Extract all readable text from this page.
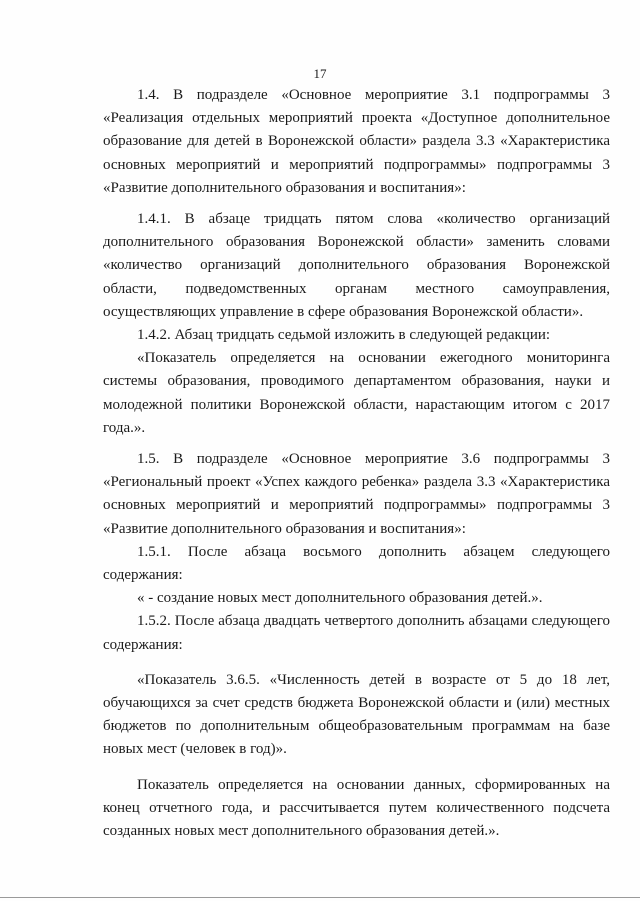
17

1.4. В подразделе «Основное мероприятие 3.1 подпрограммы 3 «Реализация отдельных мероприятий проекта «Доступное дополнительное образование для детей в Воронежской области» раздела 3.3 «Характеристика основных мероприятий и мероприятий подпрограммы» подпрограммы 3 «Развитие дополнительного образования и воспитания»:

1.4.1. В абзаце тридцать пятом слова «количество организаций дополнительного образования Воронежской области» заменить словами «количество организаций дополнительного образования Воронежской области, подведомственных органам местного самоуправления, осуществляющих управление в сфере образования Воронежской области».

1.4.2. Абзац тридцать седьмой изложить в следующей редакции:

«Показатель определяется на основании ежегодного мониторинга системы образования, проводимого департаментом образования, науки и молодежной политики Воронежской области, нарастающим итогом с 2017 года.».

1.5. В подразделе «Основное мероприятие 3.6 подпрограммы 3 «Региональный проект «Успех каждого ребенка» раздела 3.3 «Характеристика основных мероприятий и мероприятий подпрограммы» подпрограммы 3 «Развитие дополнительного образования и воспитания»:

1.5.1. После абзаца восьмого дополнить абзацем следующего содержания:

« - создание новых мест дополнительного образования детей.».

1.5.2. После абзаца двадцать четвертого дополнить абзацами следующего содержания:

«Показатель 3.6.5. «Численность детей в возрасте от 5 до 18 лет, обучающихся за счет средств бюджета Воронежской области и (или) местных бюджетов по дополнительным общеобразовательным программам на базе новых мест (человек в год)».

Показатель определяется на основании данных, сформированных на конец отчетного года, и рассчитывается путем количественного подсчета созданных новых мест дополнительного образования детей.».
